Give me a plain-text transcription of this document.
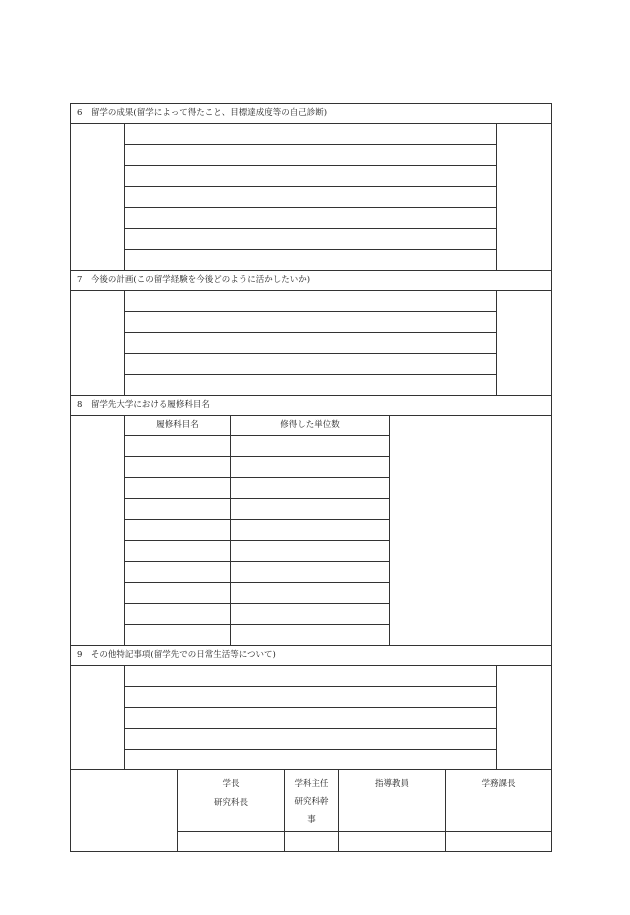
6　留学の成果(留学によって得たこと、目標達成度等の自己診断)
7　今後の計画(この留学経験を今後どのように活かしたいか)
8　留学先大学における履修科目名
履修科目名	修得した単位数
9　その他特記事項(留学先での日常生活等について)
学長
研究科長
学科主任
研究科幹
事
指導教員	学務課長
